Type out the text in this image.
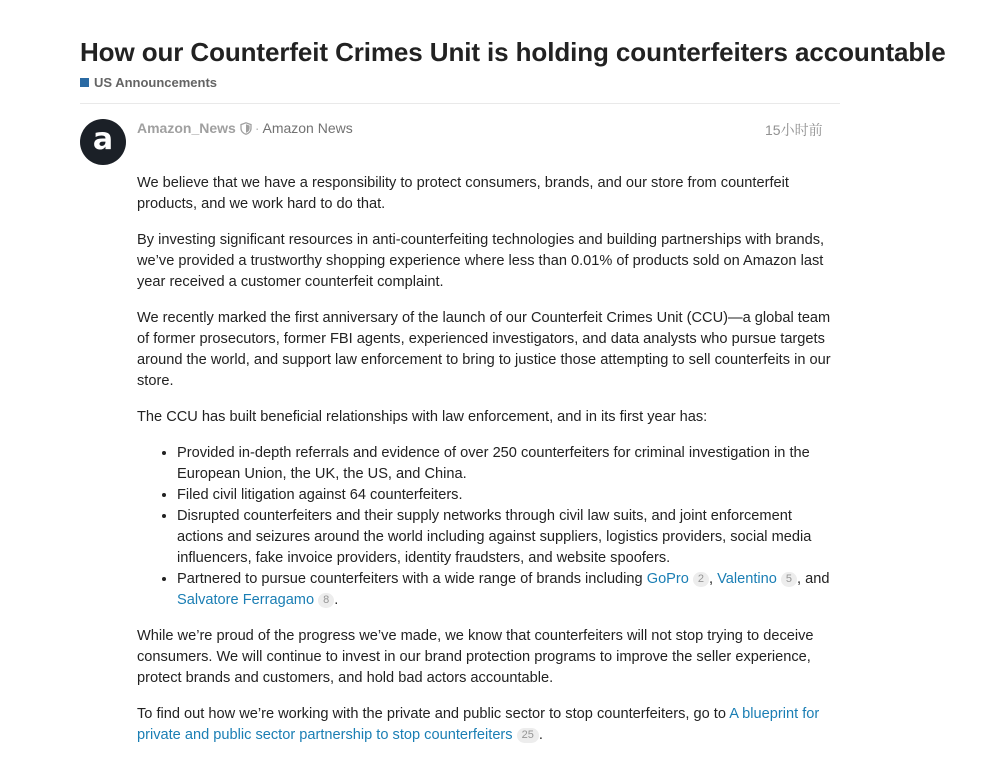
How our Counterfeit Crimes Unit is holding counterfeiters accountable
US Announcements
a Amazon_News · Amazon News	15小时前

We believe that we have a responsibility to protect consumers, brands, and our store from counterfeit products, and we work hard to do that.

By investing significant resources in anti-counterfeiting technologies and building partnerships with brands, we’ve provided a trustworthy shopping experience where less than 0.01% of products sold on Amazon last year received a customer counterfeit complaint.

We recently marked the first anniversary of the launch of our Counterfeit Crimes Unit (CCU)—a global team of former prosecutors, former FBI agents, experienced investigators, and data analysts who pursue targets around the world, and support law enforcement to bring to justice those attempting to sell counterfeits in our store.

The CCU has built beneficial relationships with law enforcement, and in its first year has:

• Provided in-depth referrals and evidence of over 250 counterfeiters for criminal investigation in the European Union, the UK, the US, and China.
• Filed civil litigation against 64 counterfeiters.
• Disrupted counterfeiters and their supply networks through civil law suits, and joint enforcement actions and seizures around the world including against suppliers, logistics providers, social media influencers, fake invoice providers, identity fraudsters, and website spoofers.
• Partnered to pursue counterfeiters with a wide range of brands including GoPro 2 , Valentino 5 , and Salvatore Ferragamo 8 .

While we’re proud of the progress we’ve made, we know that counterfeiters will not stop trying to deceive consumers. We will continue to invest in our brand protection programs to improve the seller experience, protect brands and customers, and hold bad actors accountable.

To find out how we’re working with the private and public sector to stop counterfeiters, go to A blueprint for private and public sector partnership to stop counterfeiters 25 .
